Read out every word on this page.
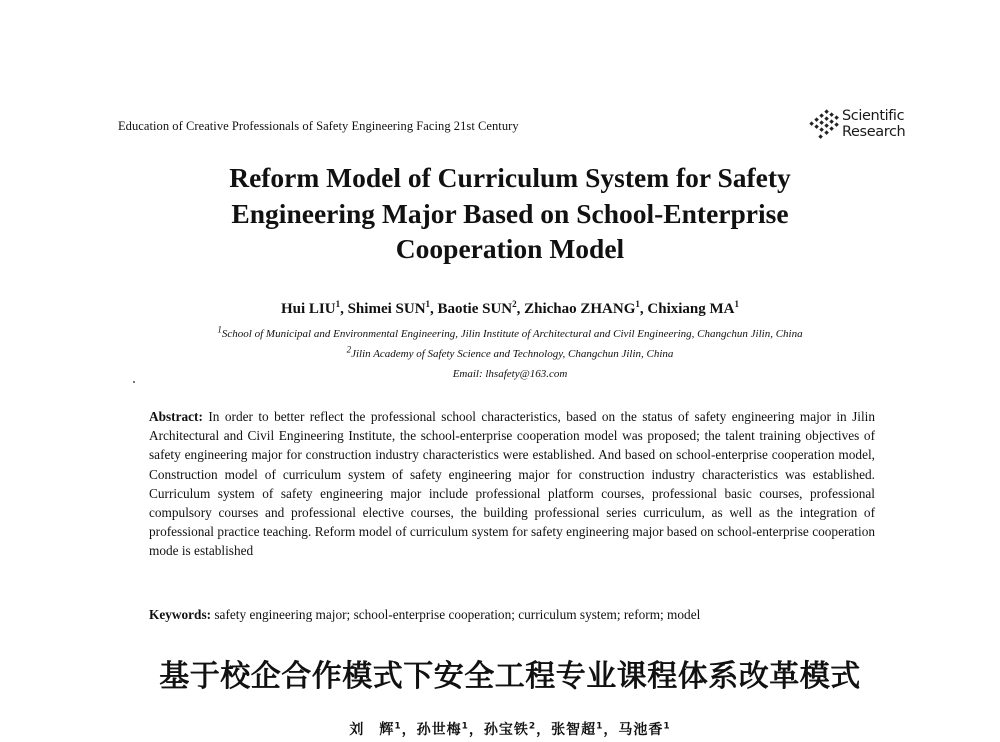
Education of Creative Professionals of Safety Engineering Facing 21st Century
Scientific
Research
Reform Model of Curriculum System for Safety
Engineering Major Based on School-Enterprise
Cooperation Model
Hui LIU$^1$, Shimei SUN$^1$, Baotie SUN$^2$, Zhichao ZHANG$^1$, Chixiang $MA^1$
$^1$School of Municipal and Environmental Engineering, Jilin Institute of Architectural and Civil Engineering, Changchun Jilin, China
$^2$Jilin Academy of Safety Science and Technology, Changchun Jilin, China
Email: lhsafety@163.com

Abstract: In order to better reflect the professional school characteristics, based on the status of safety engineering major in Jilin Architectural and Civil Engineering Institute, the school-enterprise cooperation model was proposed; the talent training objectives of safety engineering major for construction industry characteristics were established. And based on school-enterprise cooperation model, Construction model of curriculum system of safety engineering major for construction industry characteristics was established. Curriculum system of safety engineering major include professional platform courses, professional basic courses, professional compulsory courses and professional elective courses, the building professional series curriculum, as well as the integration of professional practice teaching. Reform model of curriculum system for safety engineering major based on school-enterprise cooperation mode is established

Keywords: safety engineering major; school-enterprise cooperation; curriculum system; reform; model

基于校企合作模式下安全工程专业课程体系改革模式
刘　辉$^1$，孙世梅$^1$，孙宝铁$^2$，张智超$^1$，马池香$^1$
